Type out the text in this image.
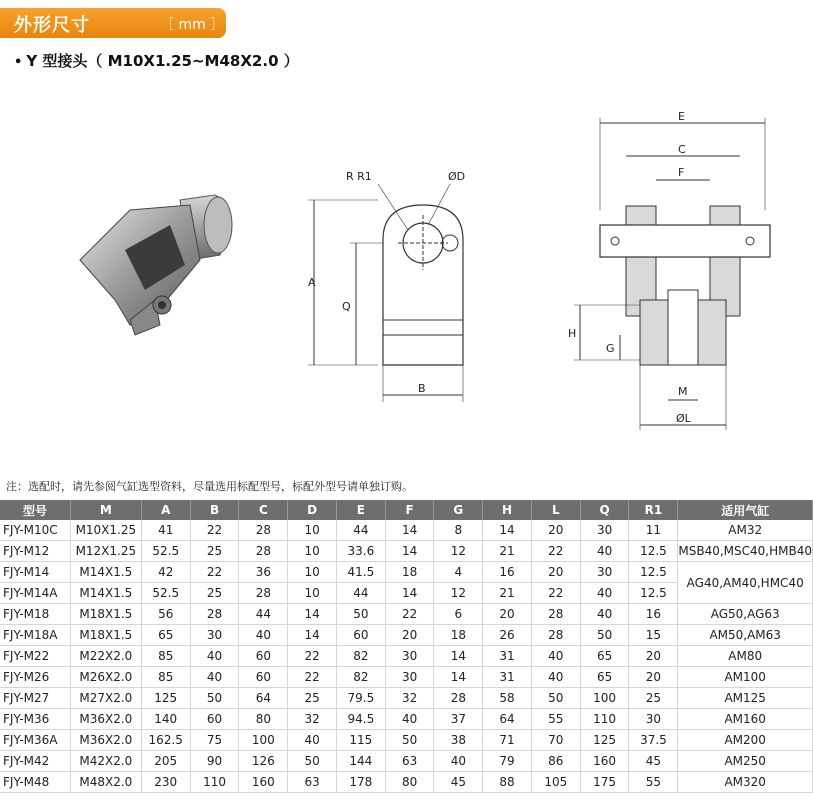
外形尺寸	［ mm ］
• Y 型接头（ M10X1.25~M48X2.0 ）
A
Q
B
R R1	ØD
E
C
F
H
G
M
ØL
注：选配时，请先参阅气缸选型资料，尽量选用标配型号，标配外型号请单独订购。
型号	M	A	B	C	D	E	F	G	H	L	Q	R1	适用气缸
FJY-M10C	M10X1.25	41	22	28	10	44	14	8	14	20	30	11	AM32
FJY-M12	M12X1.25	52.5	25	28	10	33.6	14	12	21	22	40	12.5	MSB40,MSC40,HMB40
FJY-M14	M14X1.5	42	22	36	10	41.5	18	4	16	20	30	12.5	AG40,AM40,HMC40
FJY-M14A	M14X1.5	52.5	25	28	10	44	14	12	21	22	40	12.5	
FJY-M18	M18X1.5	56	28	44	14	50	22	6	20	28	40	16	AG50,AG63
FJY-M18A	M18X1.5	65	30	40	14	60	20	18	26	28	50	15	AM50,AM63
FJY-M22	M22X2.0	85	40	60	22	82	30	14	31	40	65	20	AM80
FJY-M26	M26X2.0	85	40	60	22	82	30	14	31	40	65	20	AM100
FJY-M27	M27X2.0	125	50	64	25	79.5	32	28	58	50	100	25	AM125
FJY-M36	M36X2.0	140	60	80	32	94.5	40	37	64	55	110	30	AM160
FJY-M36A	M36X2.0	162.5	75	100	40	115	50	38	71	70	125	37.5	AM200
FJY-M42	M42X2.0	205	90	126	50	144	63	40	79	86	160	45	AM250
FJY-M48	M48X2.0	230	110	160	63	178	80	45	88	105	175	55	AM320
